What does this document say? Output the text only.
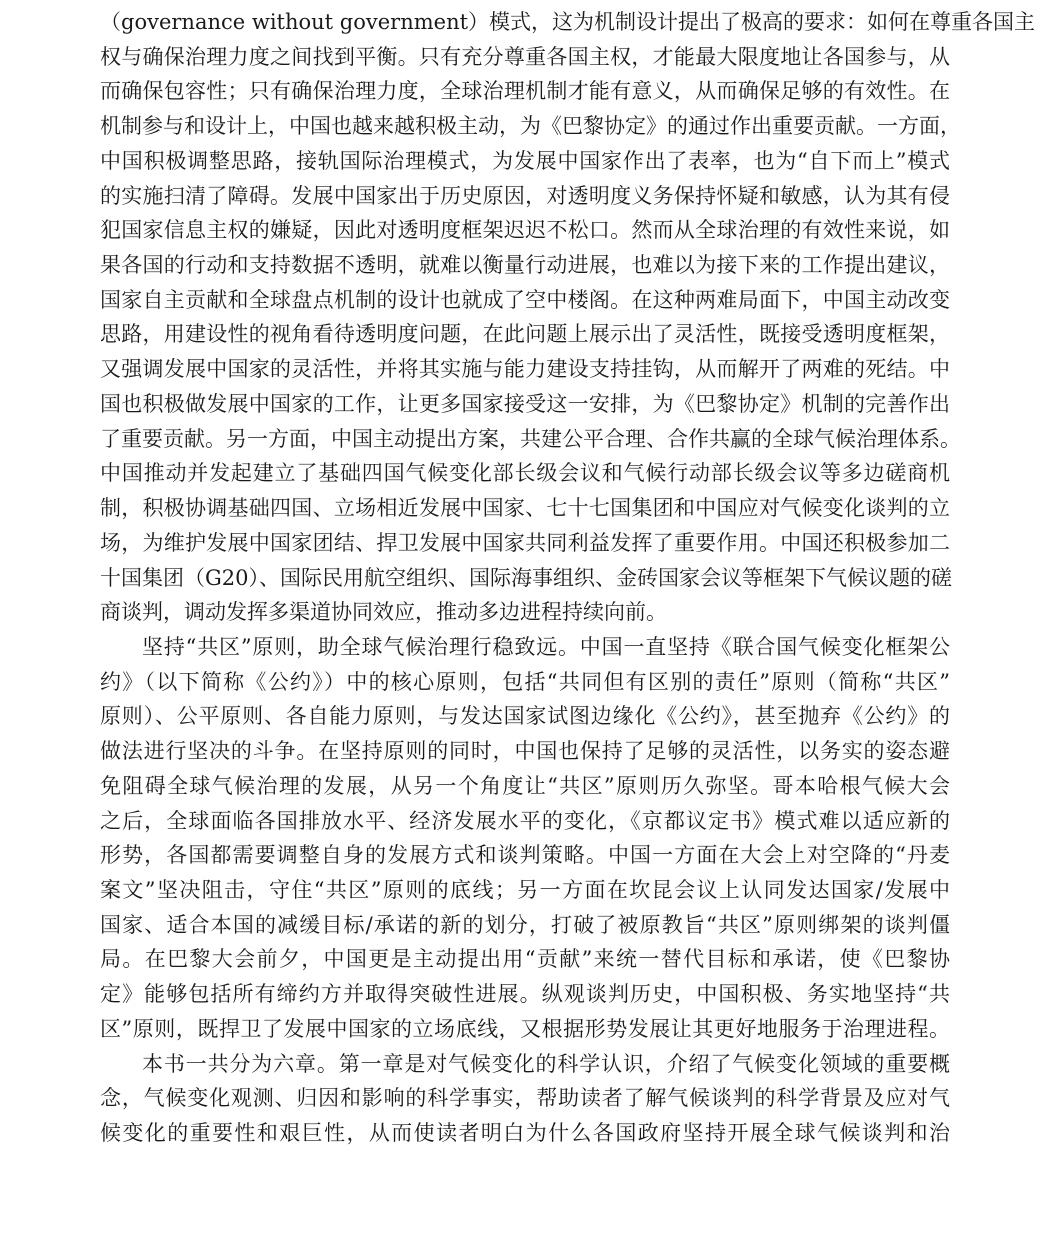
（governance without government）模式，这为机制设计提出了极高的要求：如何在尊重各国主
权与确保治理力度之间找到平衡。只有充分尊重各国主权，才能最大限度地让各国参与，从
而确保包容性；只有确保治理力度，全球治理机制才能有意义，从而确保足够的有效性。在
机制参与和设计上，中国也越来越积极主动，为《巴黎协定》的通过作出重要贡献。一方面，
中国积极调整思路，接轨国际治理模式，为发展中国家作出了表率，也为“自下而上”模式
的实施扫清了障碍。发展中国家出于历史原因，对透明度义务保持怀疑和敏感，认为其有侵
犯国家信息主权的嫌疑，因此对透明度框架迟迟不松口。然而从全球治理的有效性来说，如
果各国的行动和支持数据不透明，就难以衡量行动进展，也难以为接下来的工作提出建议，
国家自主贡献和全球盘点机制的设计也就成了空中楼阁。在这种两难局面下，中国主动改变
思路，用建设性的视角看待透明度问题，在此问题上展示出了灵活性，既接受透明度框架，
又强调发展中国家的灵活性，并将其实施与能力建设支持挂钩，从而解开了两难的死结。中
国也积极做发展中国家的工作，让更多国家接受这一安排，为《巴黎协定》机制的完善作出
了重要贡献。另一方面，中国主动提出方案，共建公平合理、合作共赢的全球气候治理体系。
中国推动并发起建立了基础四国气候变化部长级会议和气候行动部长级会议等多边磋商机
制，积极协调基础四国、立场相近发展中国家、七十七国集团和中国应对气候变化谈判的立
场，为维护发展中国家团结、捍卫发展中国家共同利益发挥了重要作用。中国还积极参加二
十国集团（G20）、国际民用航空组织、国际海事组织、金砖国家会议等框架下气候议题的磋
商谈判，调动发挥多渠道协同效应，推动多边进程持续向前。
坚持“共区”原则，助全球气候治理行稳致远。中国一直坚持《联合国气候变化框架公
约》（以下简称《公约》）中的核心原则，包括“共同但有区别的责任”原则（简称“共区”
原则）、公平原则、各自能力原则，与发达国家试图边缘化《公约》，甚至抛弃《公约》的
做法进行坚决的斗争。在坚持原则的同时，中国也保持了足够的灵活性，以务实的姿态避
免阻碍全球气候治理的发展，从另一个角度让“共区”原则历久弥坚。哥本哈根气候大会
之后，全球面临各国排放水平、经济发展水平的变化，《京都议定书》模式难以适应新的
形势，各国都需要调整自身的发展方式和谈判策略。中国一方面在大会上对空降的“丹麦
案文”坚决阻击，守住“共区”原则的底线；另一方面在坎昆会议上认同发达国家/发展中
国家、适合本国的减缓目标/承诺的新的划分，打破了被原教旨“共区”原则绑架的谈判僵
局。在巴黎大会前夕，中国更是主动提出用“贡献”来统一替代目标和承诺，使《巴黎协
定》能够包括所有缔约方并取得突破性进展。纵观谈判历史，中国积极、务实地坚持“共
区”原则，既捍卫了发展中国家的立场底线，又根据形势发展让其更好地服务于治理进程。
本书一共分为六章。第一章是对气候变化的科学认识，介绍了气候变化领域的重要概
念，气候变化观测、归因和影响的科学事实，帮助读者了解气候谈判的科学背景及应对气
候变化的重要性和艰巨性，从而使读者明白为什么各国政府坚持开展全球气候谈判和治
